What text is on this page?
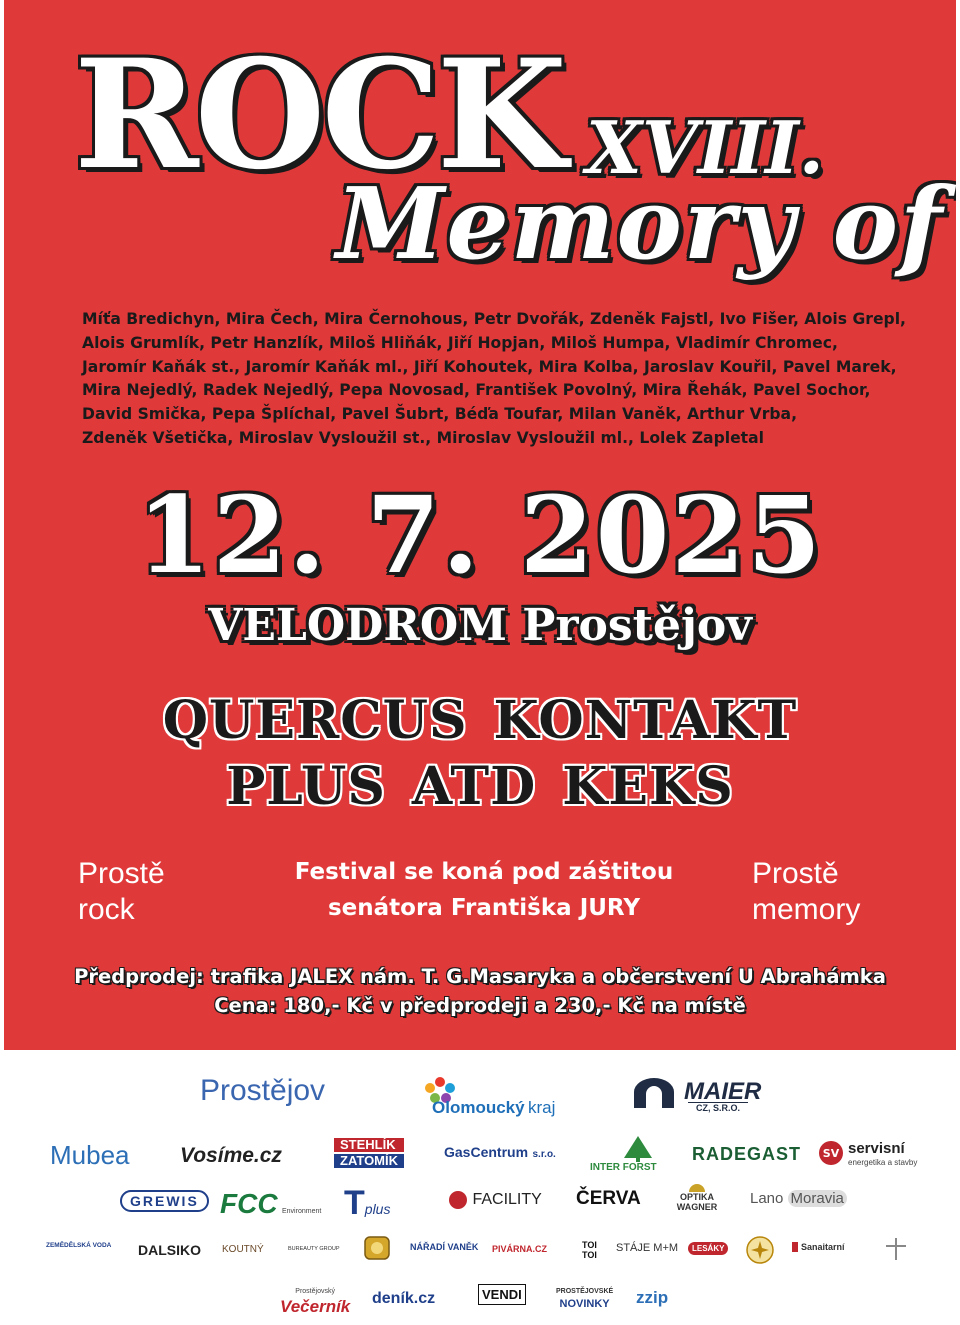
ROCK XVIII.
Memory of
Míťa Bredichyn, Mira Čech, Mira Černohous, Petr Dvořák, Zdeněk Fajstl, Ivo Fišer, Alois Grepl,
Alois Grumlík, Petr Hanzlík, Miloš Hliňák, Jiří Hopjan, Miloš Humpa, Vladimír Chromec,
Jaromír Kaňák st., Jaromír Kaňák ml., Jiří Kohoutek, Mira Kolba, Jaroslav Kouřil, Pavel Marek,
Mira Nejedlý, Radek Nejedlý, Pepa Novosad, František Povolný, Mira Řehák, Pavel Sochor,
David Smička, Pepa Šplíchal, Pavel Šubrt, Béďa Toufar, Milan Vaněk, Arthur Vrba,
Zdeněk Všetička, Miroslav Vysloužil st., Miroslav Vysloužil ml., Lolek Zapletal
12. 7. 2025
VELODROM Prostějov
QUERCUS KONTAKT
PLUS ATD KEKS
Prostě
rock
Festival se koná pod záštitou
senátora Františka JURY
Prostě
memory
Předprodej: trafika JALEX nám. T. G.Masaryka a občerstvení U Abrahámka
Cena: 180,- Kč v předprodeji a 230,- Kč na místě
Prostějov
Olomoucký kraj
MAIER
CZ, S.R.O.
Mubea Vosíme.cz	STEHLÍK
ZATOMÍK
GasCentrum s.r.o.
INTER FORST
RADEGAST SV servisní
energetika a stavby
GREWIS FCC Environment Tplus
FACILITY ČERVA	OPTIKA
WAGNER	Lano Moravia
ZEMĚDĚLSKÁ VODA DALSIKO KOUTNÝ	BUREAUTY GROUP	NÁŘADÍ VANĚK PIVÁRNA.CZ	TOI TOI
STÁJE M+M	LESÁKY	Sanaitarní
Prostějovský
Večerník deník.cz	VENDI	PROSTĚJOVSKÉ
NOVINKY zzip
